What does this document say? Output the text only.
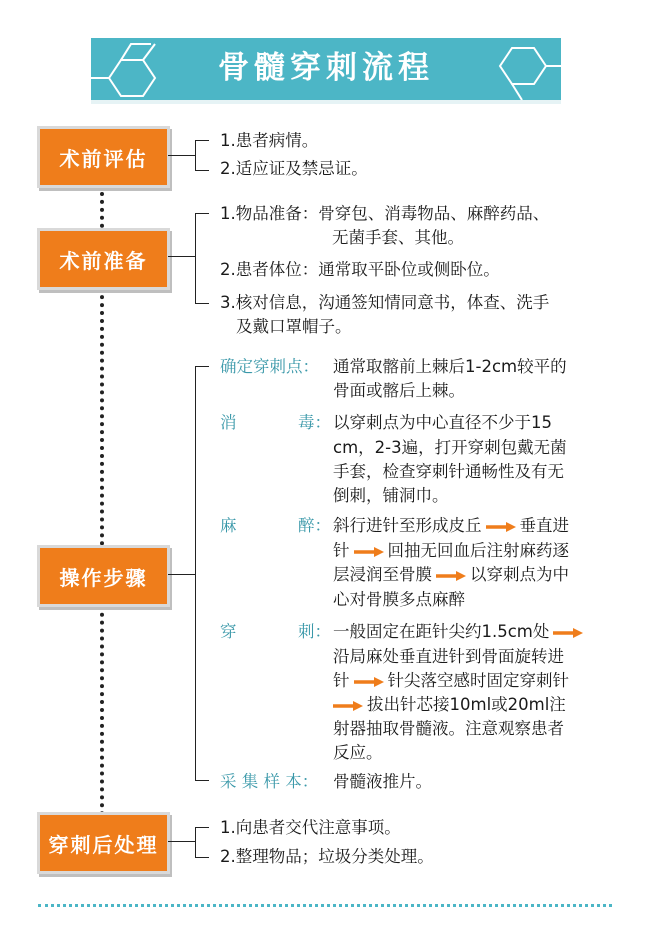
骨髓穿刺流程
术前评估
术前准备
操作步骤
穿刺后处理
1.患者病情。
2.适应证及禁忌证。
1.物品准备：骨穿包、消毒物品、麻醉药品、
无菌手套、其他。
2.患者体位：通常取平卧位或侧卧位。
3.核对信息，沟通签知情同意书，体查、洗手
及戴口罩帽子。
确定穿刺点： 通常取髂前上棘后1-2cm较平的
骨面或髂后上棘。
消	毒： 以穿刺点为中心直径不少于15
cm，2-3遍，打开穿刺包戴无菌
手套，检查穿刺针通畅性及有无
倒刺，铺洞巾。
麻	醉： 斜行进针至形成皮丘 垂直进
针 回抽无回血后注射麻药逐
层浸润至骨膜 以穿刺点为中
心对骨膜多点麻醉
穿	刺： 一般固定在距针尖约1.5cm处
沿局麻处垂直进针到骨面旋转进
针 针尖落空感时固定穿刺针
拔出针芯接10ml或20ml注
射器抽取骨髓液。注意观察患者
反应。
采 集 样 本： 骨髓液推片。
1.向患者交代注意事项。
2.整理物品；垃圾分类处理。
